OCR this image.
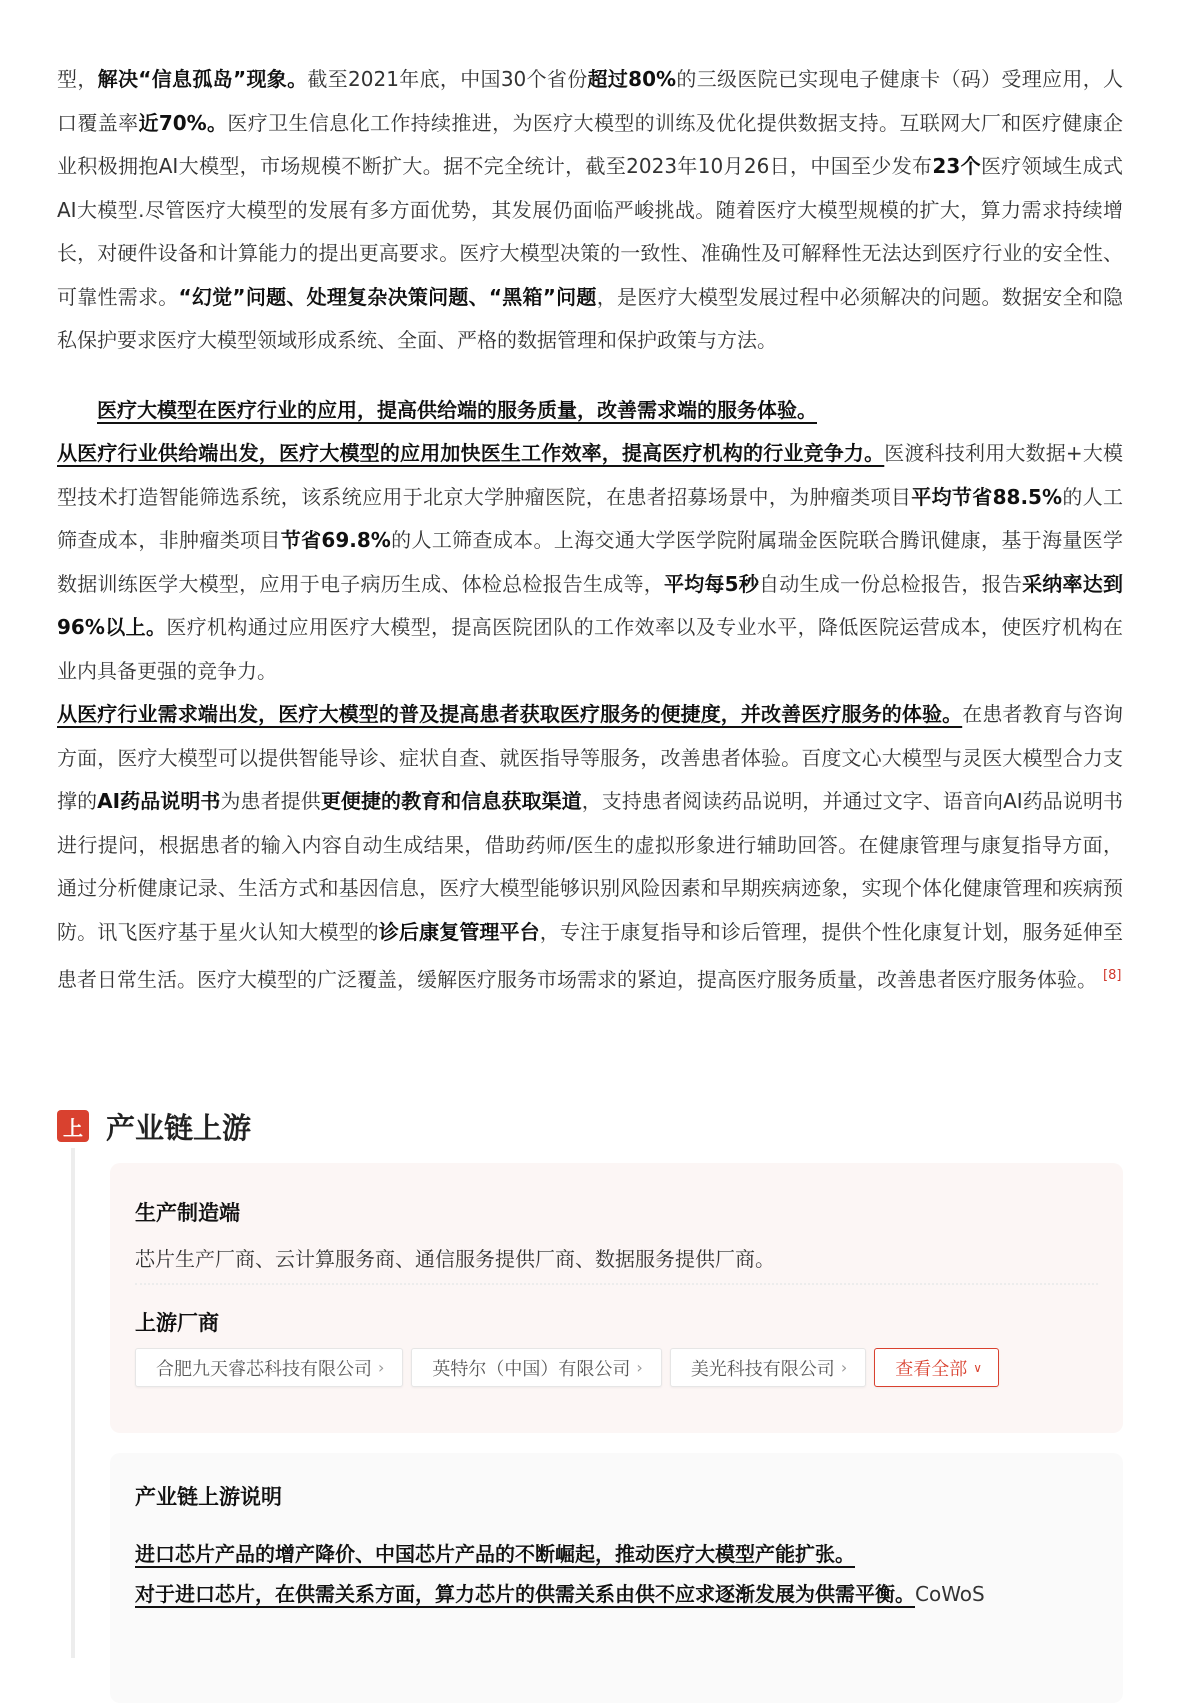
型，解决“信息孤岛”现象。截至2021年底，中国30个省份超过80%的三级医院已实现电子健康卡（码）受理应用，人口覆盖率近70%。医疗卫生信息化工作持续推进，为医疗大模型的训练及优化提供数据支持。互联网大厂和医疗健康企业积极拥抱AI大模型，市场规模不断扩大。据不完全统计，截至2023年10月26日，中国至少发布23个医疗领域生成式AI大模型.尽管医疗大模型的发展有多方面优势，其发展仍面临严峻挑战。随着医疗大模型规模的扩大，算力需求持续增长，对硬件设备和计算能力的提出更高要求。医疗大模型决策的一致性、准确性及可解释性无法达到医疗行业的安全性、可靠性需求。“幻觉”问题、处理复杂决策问题、“黑箱”问题，是医疗大模型发展过程中必须解决的问题。数据安全和隐私保护要求医疗大模型领域形成系统、全面、严格的数据管理和保护政策与方法。

医疗大模型在医疗行业的应用，提高供给端的服务质量，改善需求端的服务体验。

从医疗行业供给端出发，医疗大模型的应用加快医生工作效率，提高医疗机构的行业竞争力。医渡科技利用大数据+大模型技术打造智能筛选系统，该系统应用于北京大学肿瘤医院，在患者招募场景中，为肿瘤类项目平均节省88.5%的人工筛查成本，非肿瘤类项目节省69.8%的人工筛查成本。上海交通大学医学院附属瑞金医院联合腾讯健康，基于海量医学数据训练医学大模型，应用于电子病历生成、体检总检报告生成等，平均每5秒自动生成一份总检报告，报告采纳率达到96%以上。医疗机构通过应用医疗大模型，提高医院团队的工作效率以及专业水平，降低医院运营成本，使医疗机构在业内具备更强的竞争力。

从医疗行业需求端出发，医疗大模型的普及提高患者获取医疗服务的便捷度，并改善医疗服务的体验。在患者教育与咨询方面，医疗大模型可以提供智能导诊、症状自查、就医指导等服务，改善患者体验。百度文心大模型与灵医大模型合力支撑的AI药品说明书为患者提供更便捷的教育和信息获取渠道，支持患者阅读药品说明，并通过文字、语音向AI药品说明书进行提问，根据患者的输入内容自动生成结果，借助药师/医生的虚拟形象进行辅助回答。在健康管理与康复指导方面，通过分析健康记录、生活方式和基因信息，医疗大模型能够识别风险因素和早期疾病迹象，实现个体化健康管理和疾病预防。讯飞医疗基于星火认知大模型的诊后康复管理平台，专注于康复指导和诊后管理，提供个性化康复计划，服务延伸至患者日常生活。医疗大模型的广泛覆盖，缓解医疗服务市场需求的紧迫，提高医疗服务质量，改善患者医疗服务体验。 [8]

上 产业链上游
生产制造端
芯片生产厂商、云计算服务商、通信服务提供厂商、数据服务提供厂商。
上游厂商
合肥九天睿芯科技有限公司 ›	英特尔（中国）有限公司 ›	美光科技有限公司 ›	查看全部 ∨
产业链上游说明
进口芯片产品的增产降价、中国芯片产品的不断崛起，推动医疗大模型产能扩张。
对于进口芯片，在供需关系方面，算力芯片的供需关系由供不应求逐渐发展为供需平衡。CoWoS
